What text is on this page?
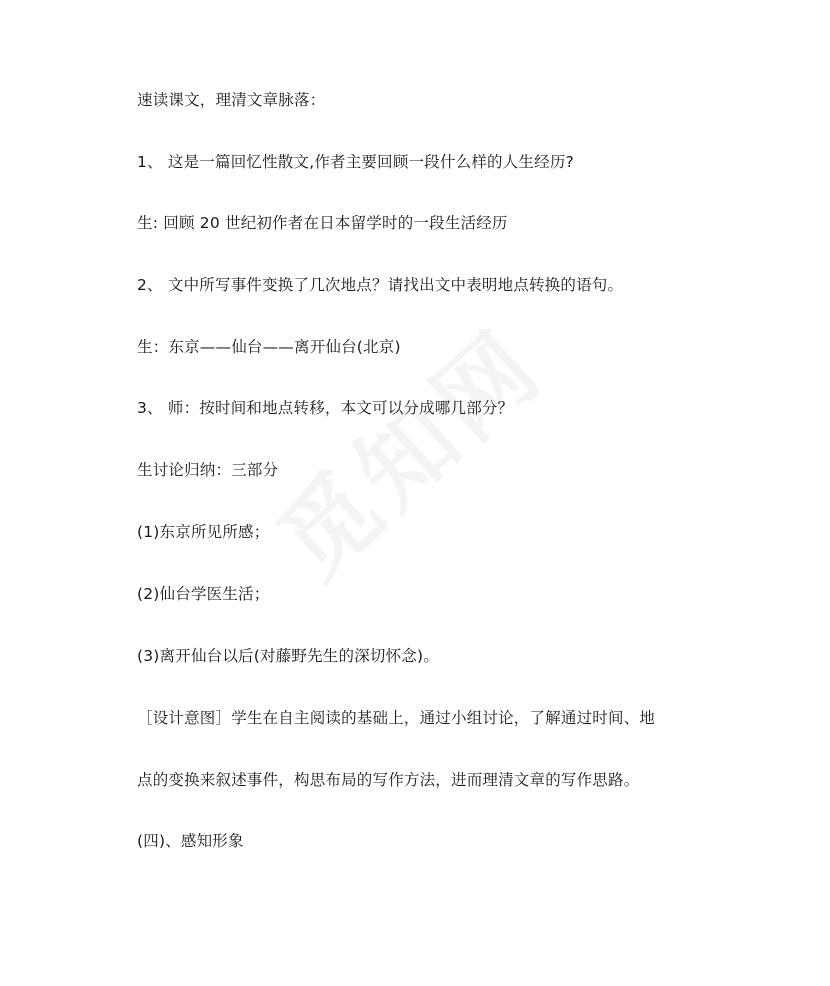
速读课文，理清文章脉落：
1、 这是一篇回忆性散文,作者主要回顾一段什么样的人生经历?
生: 回顾 20 世纪初作者在日本留学时的一段生活经历
2、 文中所写事件变换了几次地点？请找出文中表明地点转换的语句。
生：东京——仙台——离开仙台(北京)
3、 师：按时间和地点转移，本文可以分成哪几部分？
生讨论归纳：三部分
(1)东京所见所感；
(2)仙台学医生活；
(3)离开仙台以后(对藤野先生的深切怀念)。
［设计意图］学生在自主阅读的基础上，通过小组讨论，了解通过时间、地
点的变换来叙述事件，构思布局的写作方法，进而理清文章的写作思路。
(四)、感知形象
